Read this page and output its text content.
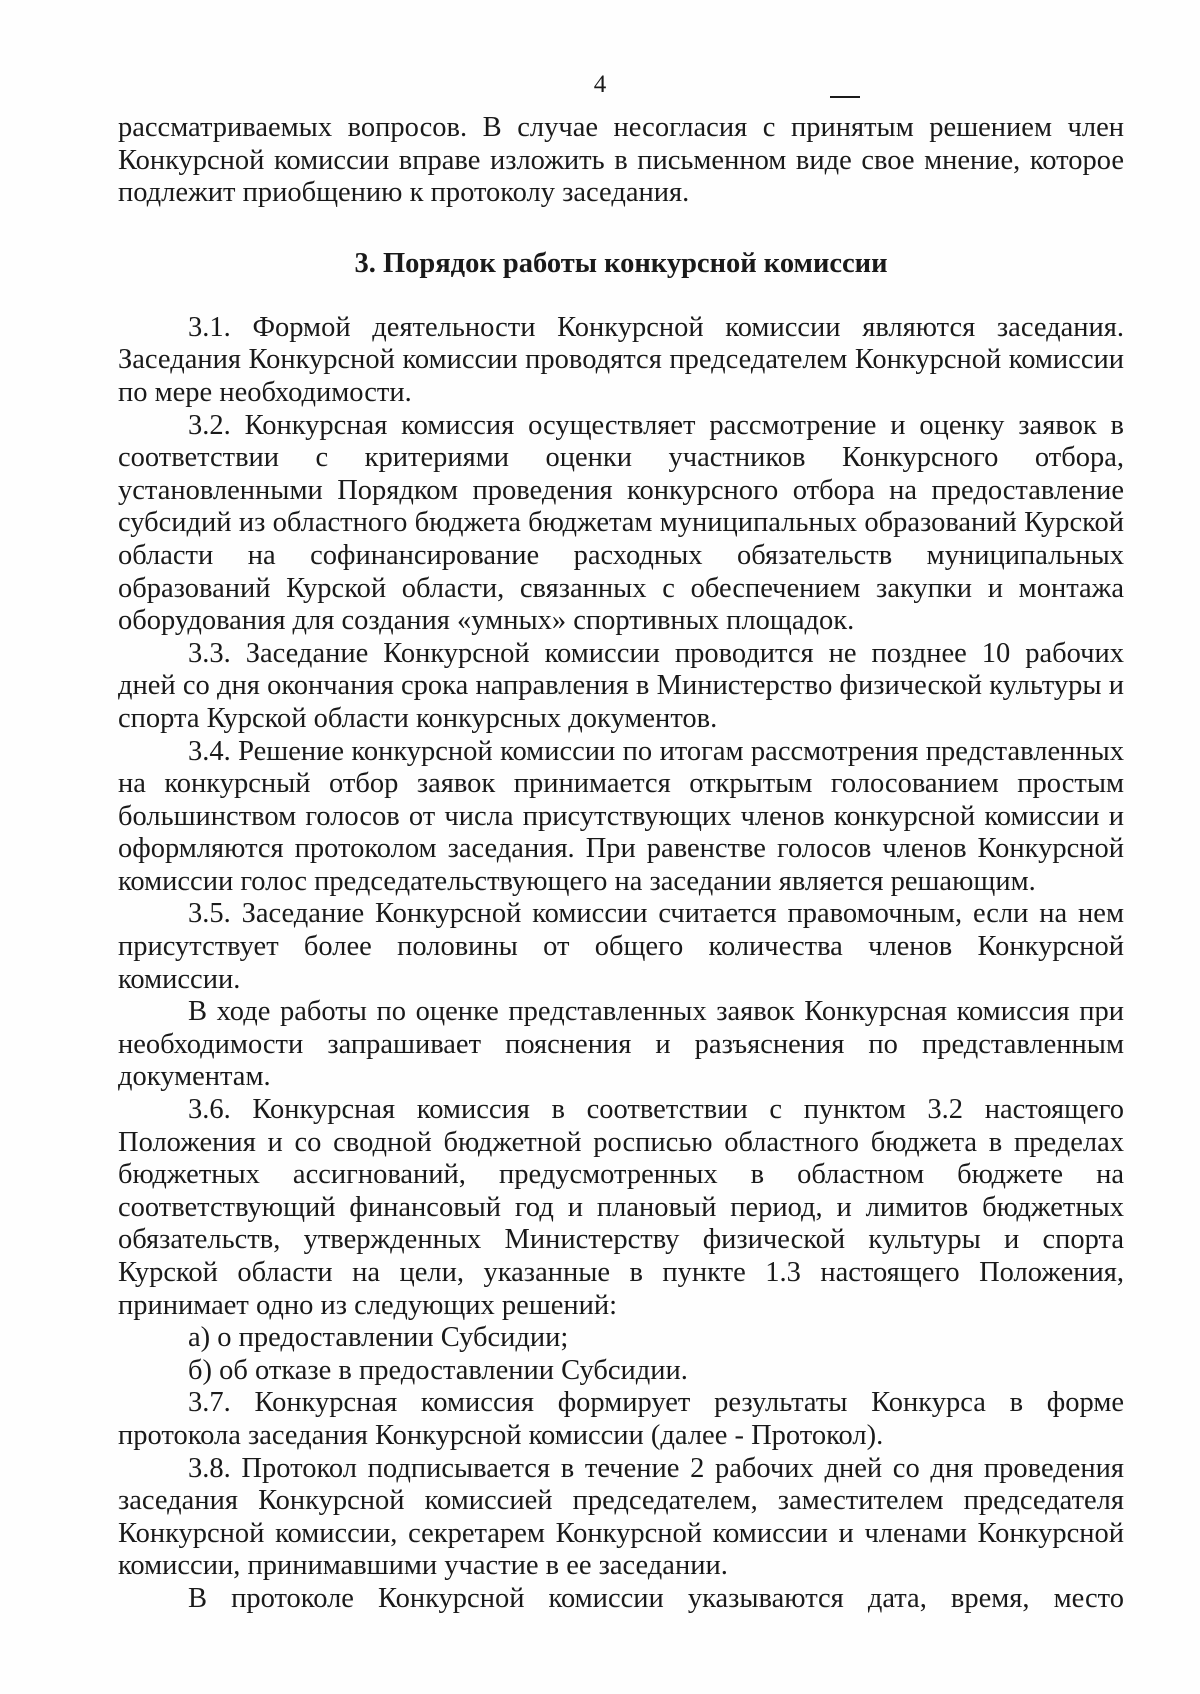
4

рассматриваемых вопросов. В случае несогласия с принятым решением член Конкурсной комиссии вправе изложить в письменном виде свое мнение, которое подлежит приобщению к протоколу заседания.

3. Порядок работы конкурсной комиссии

3.1. Формой деятельности Конкурсной комиссии являются заседания. Заседания Конкурсной комиссии проводятся председателем Конкурсной комиссии по мере необходимости.

3.2. Конкурсная комиссия осуществляет рассмотрение и оценку заявок в соответствии с критериями оценки участников Конкурсного отбора, установленными Порядком проведения конкурсного отбора на предоставление субсидий из областного бюджета бюджетам муниципальных образований Курской области на софинансирование расходных обязательств муниципальных образований Курской области, связанных с обеспечением закупки и монтажа оборудования для создания «умных» спортивных площадок.

3.3. Заседание Конкурсной комиссии проводится не позднее 10 рабочих дней со дня окончания срока направления в Министерство физической культуры и спорта Курской области конкурсных документов.

3.4. Решение конкурсной комиссии по итогам рассмотрения представленных на конкурсный отбор заявок принимается открытым голосованием простым большинством голосов от числа присутствующих членов конкурсной комиссии и оформляются протоколом заседания. При равенстве голосов членов Конкурсной комиссии голос председательствующего на заседании является решающим.

3.5. Заседание Конкурсной комиссии считается правомочным, если на нем присутствует более половины от общего количества членов Конкурсной комиссии.

В ходе работы по оценке представленных заявок Конкурсная комиссия при необходимости запрашивает пояснения и разъяснения по представленным документам.

3.6. Конкурсная комиссия в соответствии с пунктом 3.2 настоящего Положения и со сводной бюджетной росписью областного бюджета в пределах бюджетных ассигнований, предусмотренных в областном бюджете на соответствующий финансовый год и плановый период, и лимитов бюджетных обязательств, утвержденных Министерству физической культуры и спорта Курской области на цели, указанные в пункте 1.3 настоящего Положения, принимает одно из следующих решений:

а) о предоставлении Субсидии;

б) об отказе в предоставлении Субсидии.

3.7. Конкурсная комиссия формирует результаты Конкурса в форме протокола заседания Конкурсной комиссии (далее - Протокол).

3.8. Протокол подписывается в течение 2 рабочих дней со дня проведения заседания Конкурсной комиссией председателем, заместителем председателя Конкурсной комиссии, секретарем Конкурсной комиссии и членами Конкурсной комиссии, принимавшими участие в ее заседании.

В протоколе Конкурсной комиссии указываются дата, время, место
